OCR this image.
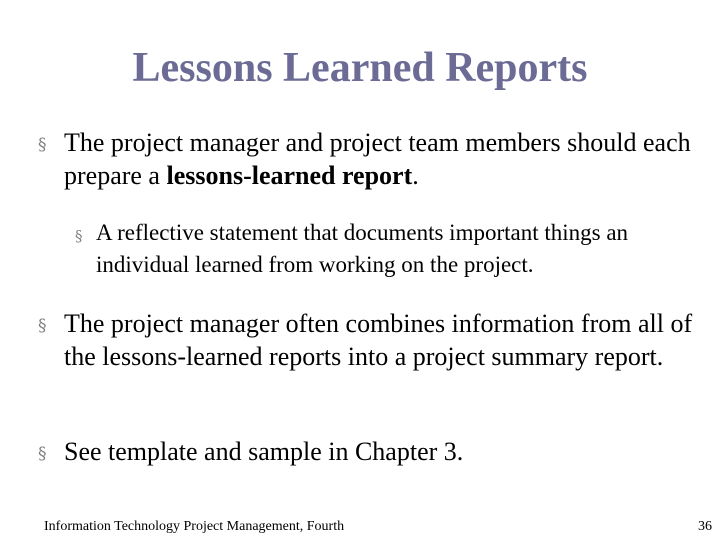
Lessons Learned Reports

§ The project manager and project team members should each prepare a lessons-learned report.

§ A reflective statement that documents important things an individual learned from working on the project.

§ The project manager often combines information from all of the lessons-learned reports into a project summary report.

§ See template and sample in Chapter 3.

Information Technology Project Management, Fourth	36
